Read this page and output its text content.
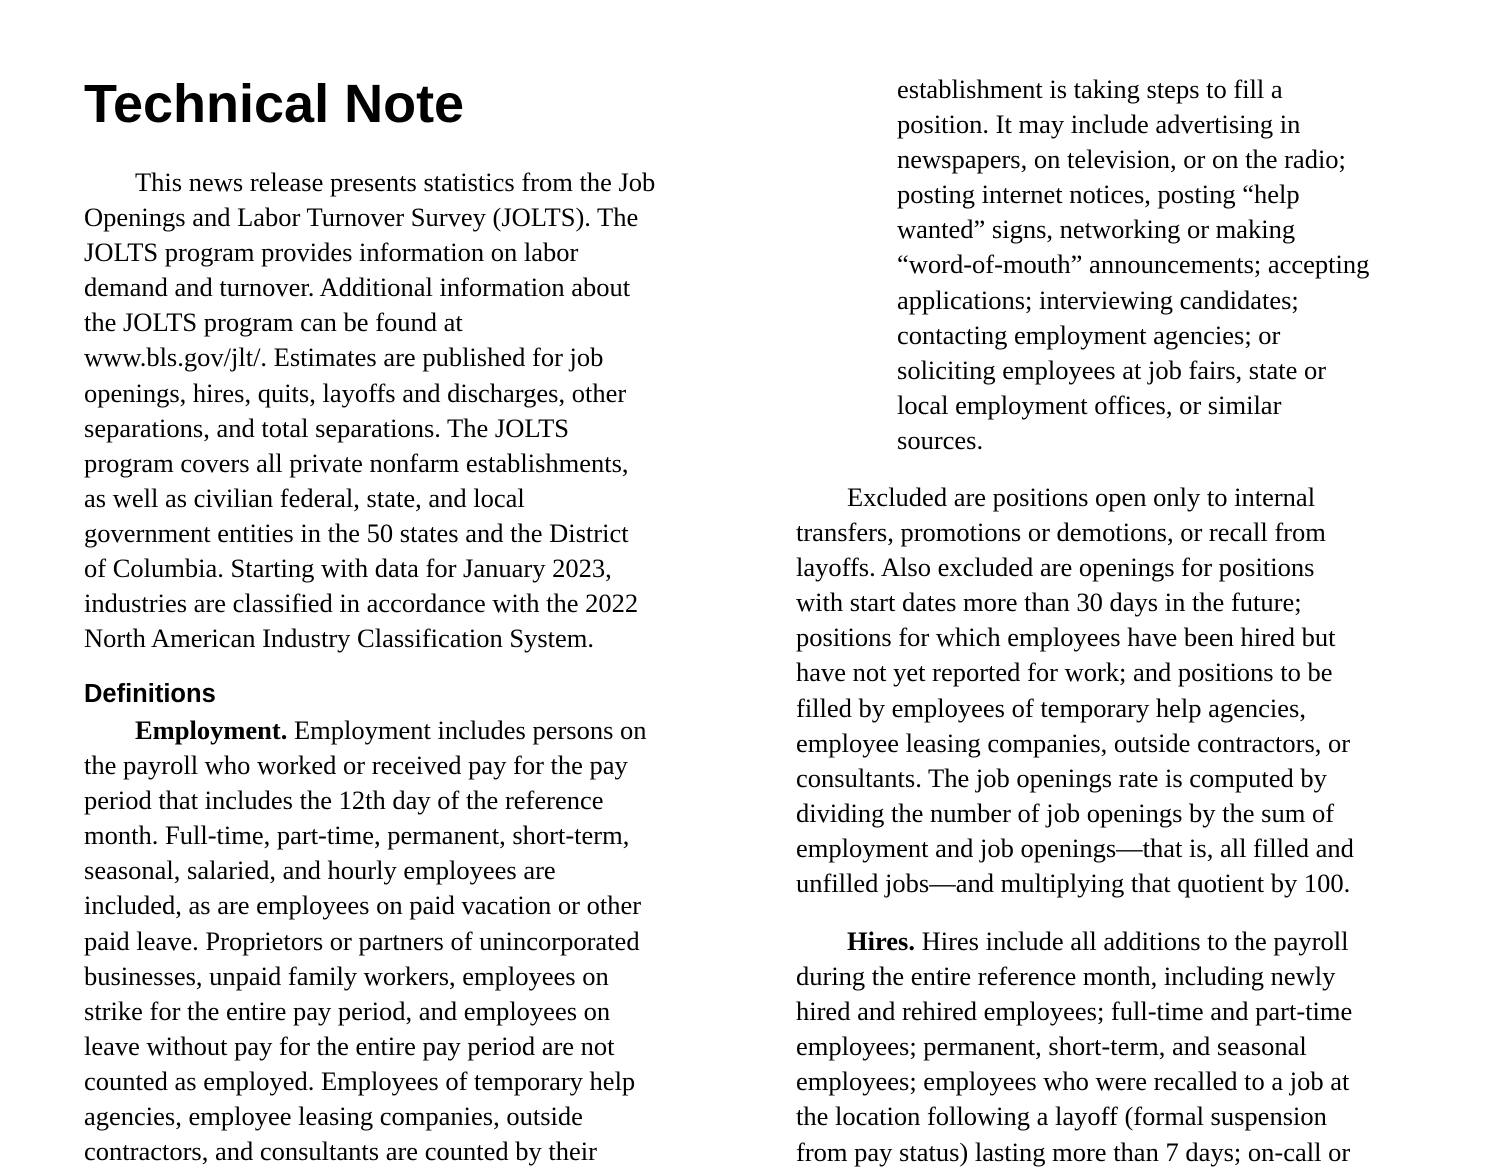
Technical Note

This news release presents statistics from the Job
Openings and Labor Turnover Survey (JOLTS). The
JOLTS program provides information on labor
demand and turnover. Additional information about
the JOLTS program can be found at
www.bls.gov/jlt/. Estimates are published for job
openings, hires, quits, layoffs and discharges, other
separations, and total separations. The JOLTS
program covers all private nonfarm establishments,
as well as civilian federal, state, and local
government entities in the 50 states and the District
of Columbia. Starting with data for January 2023,
industries are classified in accordance with the 2022
North American Industry Classification System.

Definitions

Employment. Employment includes persons on
the payroll who worked or received pay for the pay
period that includes the 12th day of the reference
month. Full-time, part-time, permanent, short-term,
seasonal, salaried, and hourly employees are
included, as are employees on paid vacation or other
paid leave. Proprietors or partners of unincorporated
businesses, unpaid family workers, employees on
strike for the entire pay period, and employees on
leave without pay for the entire pay period are not
counted as employed. Employees of temporary help
agencies, employee leasing companies, outside
contractors, and consultants are counted by their

establishment is taking steps to fill a
position. It may include advertising in
newspapers, on television, or on the radio;
posting internet notices, posting “help
wanted” signs, networking or making
“word-of-mouth” announcements; accepting
applications; interviewing candidates;
contacting employment agencies; or
soliciting employees at job fairs, state or
local employment offices, or similar
sources.

Excluded are positions open only to internal
transfers, promotions or demotions, or recall from
layoffs. Also excluded are openings for positions
with start dates more than 30 days in the future;
positions for which employees have been hired but
have not yet reported for work; and positions to be
filled by employees of temporary help agencies,
employee leasing companies, outside contractors, or
consultants. The job openings rate is computed by
dividing the number of job openings by the sum of
employment and job openings—that is, all filled and
unfilled jobs—and multiplying that quotient by 100.

Hires. Hires include all additions to the payroll
during the entire reference month, including newly
hired and rehired employees; full-time and part-time
employees; permanent, short-term, and seasonal
employees; employees who were recalled to a job at
the location following a layoff (formal suspension
from pay status) lasting more than 7 days; on-call or
